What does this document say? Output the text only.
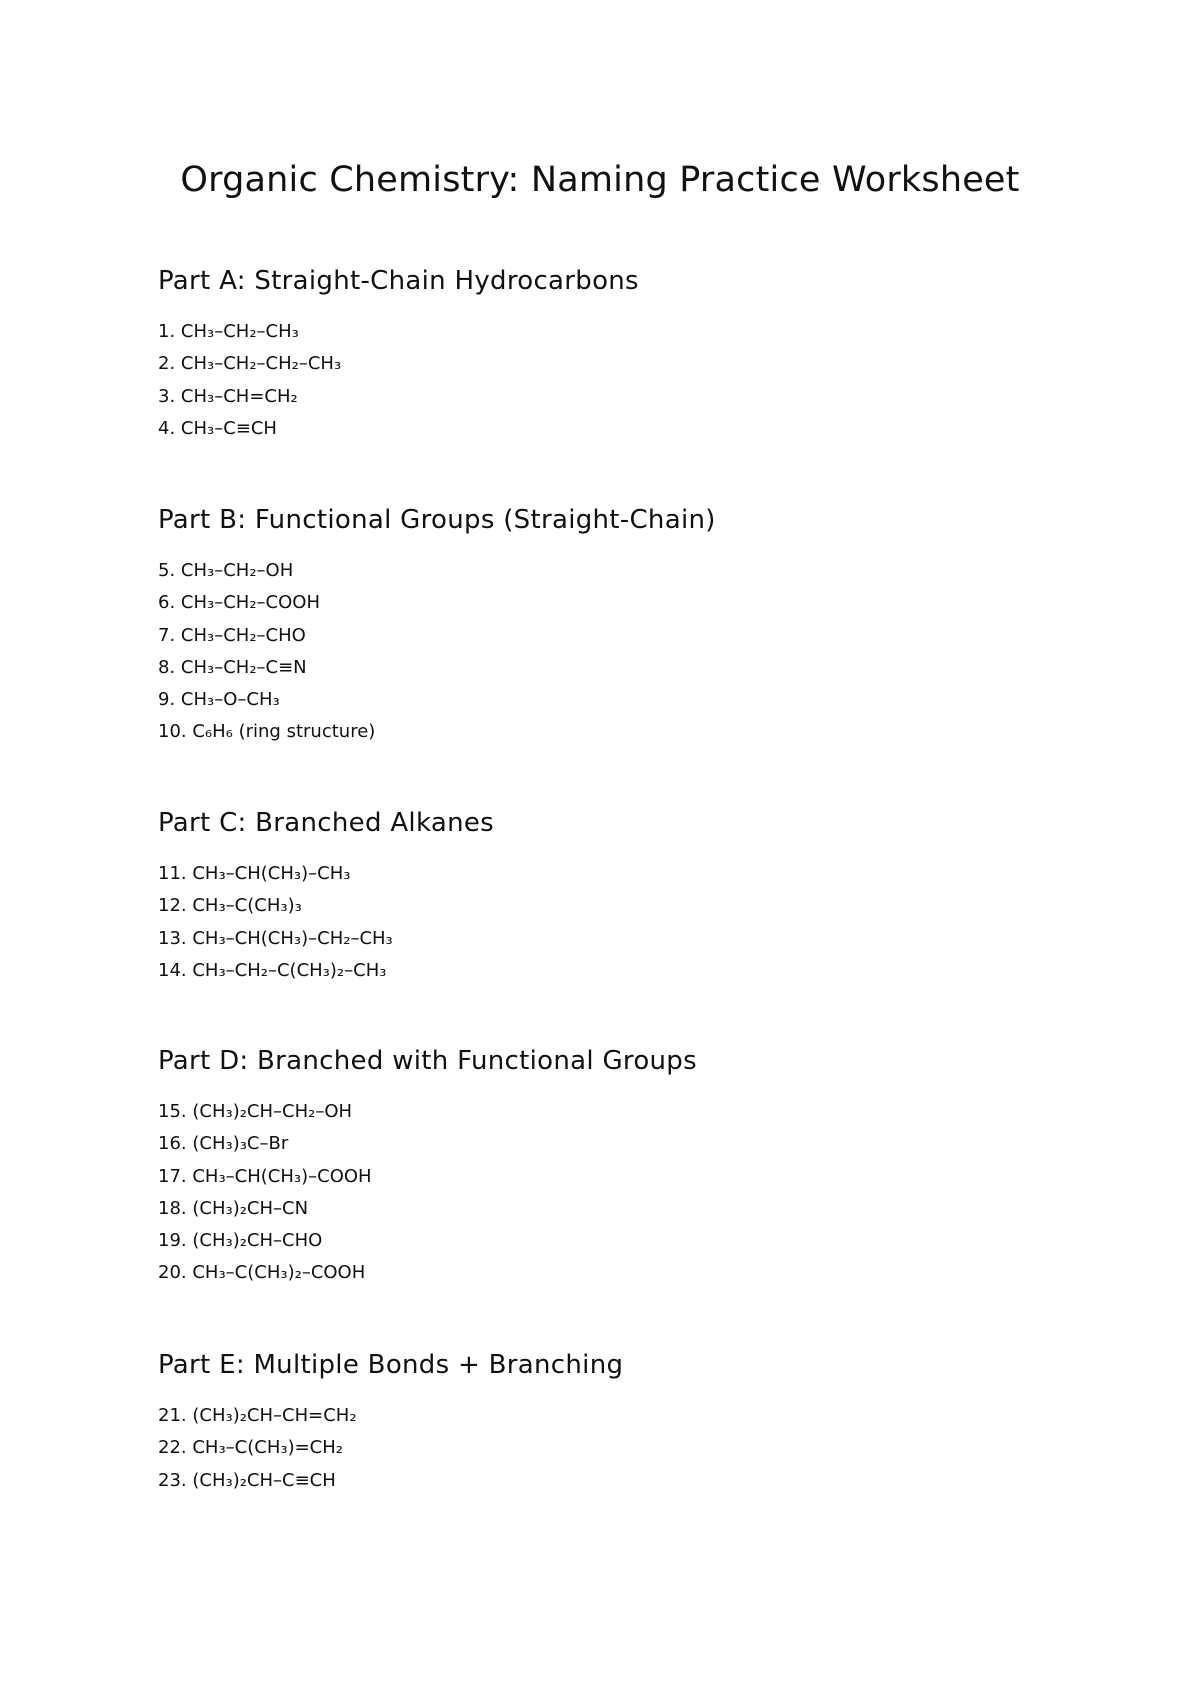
Organic Chemistry: Naming Practice Worksheet
Part A: Straight-Chain Hydrocarbons
1. CH₃–CH₂–CH₃
2. CH₃–CH₂–CH₂–CH₃
3. CH₃–CH=CH₂
4. CH₃–C≡CH
Part B: Functional Groups (Straight-Chain)
5. CH₃–CH₂–OH
6. CH₃–CH₂–COOH
7. CH₃–CH₂–CHO
8. CH₃–CH₂–C≡N
9. CH₃–O–CH₃
10. C₆H₆ (ring structure)
Part C: Branched Alkanes
11. CH₃–CH(CH₃)–CH₃
12. CH₃–C(CH₃)₃
13. CH₃–CH(CH₃)–CH₂–CH₃
14. CH₃–CH₂–C(CH₃)₂–CH₃
Part D: Branched with Functional Groups
15. (CH₃)₂CH–CH₂–OH
16. (CH₃)₃C–Br
17. CH₃–CH(CH₃)–COOH
18. (CH₃)₂CH–CN
19. (CH₃)₂CH–CHO
20. CH₃–C(CH₃)₂–COOH
Part E: Multiple Bonds + Branching
21. (CH₃)₂CH–CH=CH₂
22. CH₃–C(CH₃)=CH₂
23. (CH₃)₂CH–C≡CH
